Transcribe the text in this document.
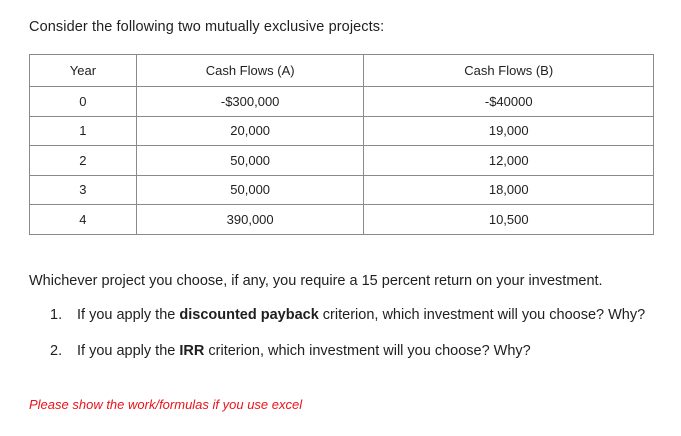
Consider the following two mutually exclusive projects:
Year	Cash Flows (A)	Cash Flows (B)
0	-$300,000	-$40000
1	20,000	19,000
2	50,000	12,000
3	50,000	18,000
4	390,000	10,500
Whichever project you choose, if any, you require a 15 percent return on your investment.
1.	If you apply the discounted payback criterion, which investment will you choose? Why?
2.	If you apply the IRR criterion, which investment will you choose? Why?
Please show the work/formulas if you use excel
